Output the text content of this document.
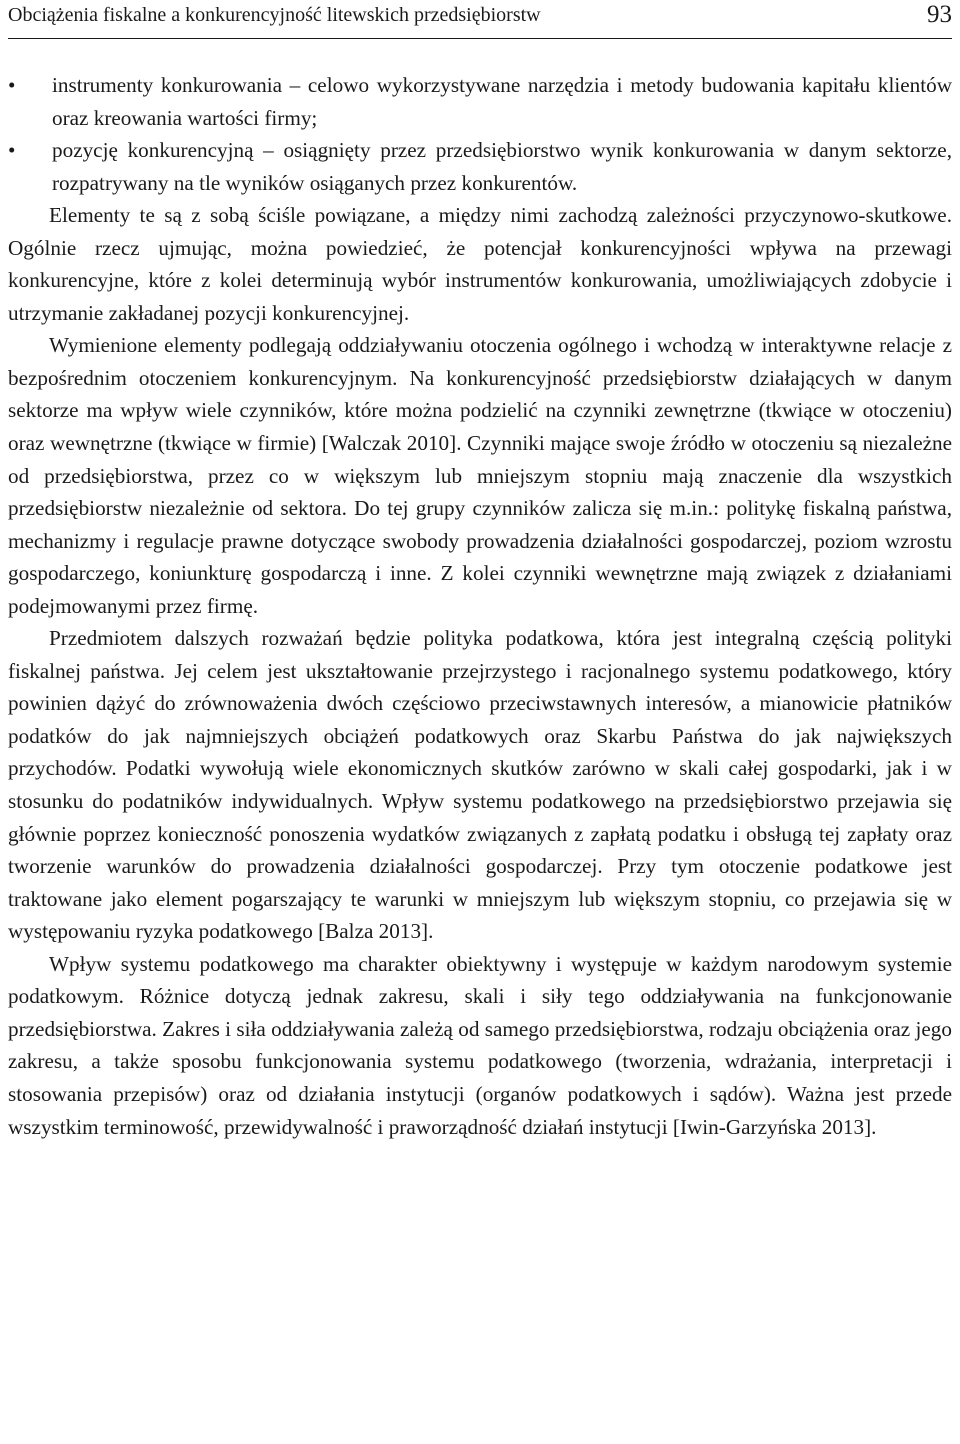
Obciążenia fiskalne a konkurencyjność litewskich przedsiębiorstw	93
• instrumenty konkurowania – celowo wykorzystywane narzędzia i metody budowania kapitału klientów oraz kreowania wartości firmy;
• pozycję konkurencyjną – osiągnięty przez przedsiębiorstwo wynik konkurowania w danym sektorze, rozpatrywany na tle wyników osiąganych przez konkurentów.

Elementy te są z sobą ściśle powiązane, a między nimi zachodzą zależności przyczynowo-skutkowe. Ogólnie rzecz ujmując, można powiedzieć, że potencjał konkurencyjności wpływa na przewagi konkurencyjne, które z kolei determinują wybór instrumentów konkurowania, umożliwiających zdobycie i utrzymanie zakładanej pozycji konkurencyjnej.

Wymienione elementy podlegają oddziaływaniu otoczenia ogólnego i wchodzą w interaktywne relacje z bezpośrednim otoczeniem konkurencyjnym. Na konkurencyjność przedsiębiorstw działających w danym sektorze ma wpływ wiele czynników, które można podzielić na czynniki zewnętrzne (tkwiące w otoczeniu) oraz wewnętrzne (tkwiące w firmie) [Walczak 2010]. Czynniki mające swoje źródło w otoczeniu są niezależne od przedsiębiorstwa, przez co w większym lub mniejszym stopniu mają znaczenie dla wszystkich przedsiębiorstw niezależnie od sektora. Do tej grupy czynników zalicza się m.in.: politykę fiskalną państwa, mechanizmy i regulacje prawne dotyczące swobody prowadzenia działalności gospodarczej, poziom wzrostu gospodarczego, koniunkturę gospodarczą i inne. Z kolei czynniki wewnętrzne mają związek z działaniami podejmowanymi przez firmę.

Przedmiotem dalszych rozważań będzie polityka podatkowa, która jest integralną częścią polityki fiskalnej państwa. Jej celem jest ukształtowanie przejrzystego i racjonalnego systemu podatkowego, który powinien dążyć do zrównoważenia dwóch częściowo przeciwstawnych interesów, a mianowicie płatników podatków do jak najmniejszych obciążeń podatkowych oraz Skarbu Państwa do jak największych przychodów. Podatki wywołują wiele ekonomicznych skutków zarówno w skali całej gospodarki, jak i w stosunku do podatników indywidualnych. Wpływ systemu podatkowego na przedsiębiorstwo przejawia się głównie poprzez konieczność ponoszenia wydatków związanych z zapłatą podatku i obsługą tej zapłaty oraz tworzenie warunków do prowadzenia działalności gospodarczej. Przy tym otoczenie podatkowe jest traktowane jako element pogarszający te warunki w mniejszym lub większym stopniu, co przejawia się w występowaniu ryzyka podatkowego [Balza 2013].

Wpływ systemu podatkowego ma charakter obiektywny i występuje w każdym narodowym systemie podatkowym. Różnice dotyczą jednak zakresu, skali i siły tego oddziaływania na funkcjonowanie przedsiębiorstwa. Zakres i siła oddziaływania zależą od samego przedsiębiorstwa, rodzaju obciążenia oraz jego zakresu, a także sposobu funkcjonowania systemu podatkowego (tworzenia, wdrażania, interpretacji i stosowania przepisów) oraz od działania instytucji (organów podatkowych i sądów). Ważna jest przede wszystkim terminowość, przewidywalność i praworządność działań instytucji [Iwin-Garzyńska 2013].
